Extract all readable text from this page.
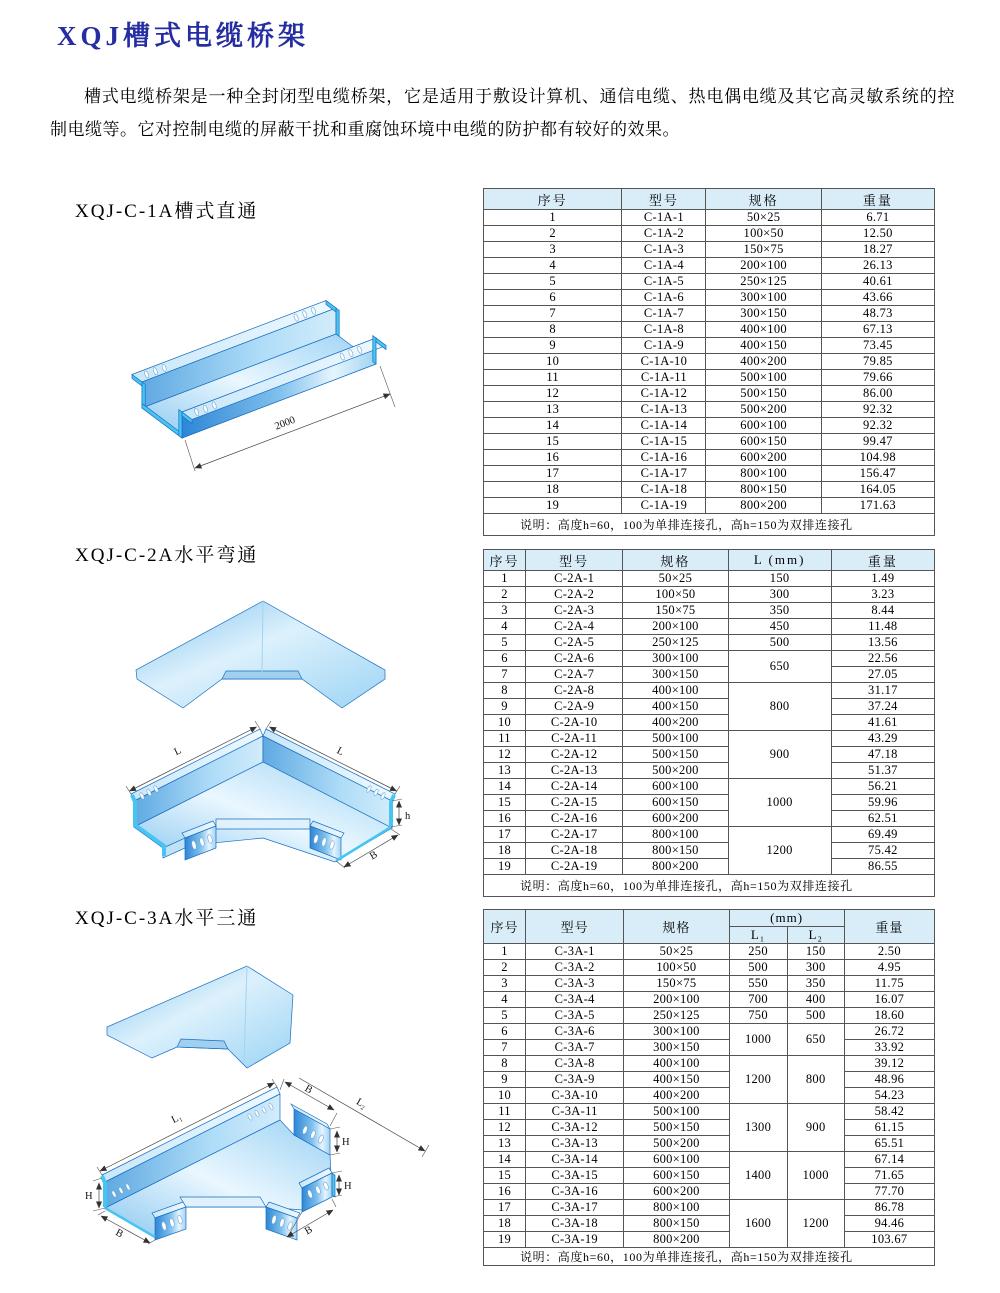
XQJ槽式电缆桥架

槽式电缆桥架是一种全封闭型电缆桥架，它是适用于敷设计算机、通信电缆、热电偶电缆及其它高灵敏系统的控制电缆等。它对控制电缆的屏蔽干扰和重腐蚀环境中电缆的防护都有较好的效果。

XQJ-C-1A槽式直通
XQJ-C-2A水平弯通
XQJ-C-3A水平三通
2000
L	L
h
B
L₁
H
B
B
L₂
H
H
B
序号	型号	规格	重量
1	C-1A-1	50×25	6.71
2	C-1A-2	100×50	12.50
3	C-1A-3	150×75	18.27
4	C-1A-4	200×100	26.13
5	C-1A-5	250×125	40.61
6	C-1A-6	300×100	43.66
7	C-1A-7	300×150	48.73
8	C-1A-8	400×100	67.13
9	C-1A-9	400×150	73.45
10	C-1A-10	400×200	79.85
11	C-1A-11	500×100	79.66
12	C-1A-12	500×150	86.00
13	C-1A-13	500×200	92.32
14	C-1A-14	600×100	92.32
15	C-1A-15	600×150	99.47
16	C-1A-16	600×200	104.98
17	C-1A-17	800×100	156.47
18	C-1A-18	800×150	164.05
19	C-1A-19	800×200	171.63
说明：高度h=60，100为单排连接孔，高h=150为双排连接孔			
序号	型号	规格	L (mm)	重量
1	C-2A-1	50×25	150	1.49
2	C-2A-2	100×50	300	3.23
3	C-2A-3	150×75	350	8.44
4	C-2A-4	200×100	450	11.48
5	C-2A-5	250×125	500	13.56
6	C-2A-6	300×100	650	22.56
7	C-2A-7	300×150		27.05
8	C-2A-8	400×100	800	31.17
9	C-2A-9	400×150		37.24
10	C-2A-10	400×200		41.61
11	C-2A-11	500×100	900	43.29
12	C-2A-12	500×150		47.18
13	C-2A-13	500×200		51.37
14	C-2A-14	600×100	1000	56.21
15	C-2A-15	600×150		59.96
16	C-2A-16	600×200		62.51
17	C-2A-17	800×100	1200	69.49
18	C-2A-18	800×150		75.42
19	C-2A-19	800×200		86.55
说明：高度h=60，100为单排连接孔，高h=150为双排连接孔				
序号	型号	规格	(mm)		重量
			L₁	L₂	
1	C-3A-1	50×25	250	150	2.50
2	C-3A-2	100×50	500	300	4.95
3	C-3A-3	150×75	550	350	11.75
4	C-3A-4	200×100	700	400	16.07
5	C-3A-5	250×125	750	500	18.60
6	C-3A-6	300×100	1000	650	26.72
7	C-3A-7	300×150			33.92
8	C-3A-8	400×100	1200	800	39.12
9	C-3A-9	400×150			48.96
10	C-3A-10	400×200			54.23
11	C-3A-11	500×100	1300	900	58.42
12	C-3A-12	500×150			61.15
13	C-3A-13	500×200			65.51
14	C-3A-14	600×100	1400	1000	67.14
15	C-3A-15	600×150			71.65
16	C-3A-16	600×200			77.70
17	C-3A-17	800×100	1600	1200	86.78
18	C-3A-18	800×150			94.46
19	C-3A-19	800×200			103.67
说明：高度h=60，100为单排连接孔，高h=150为双排连接孔					
